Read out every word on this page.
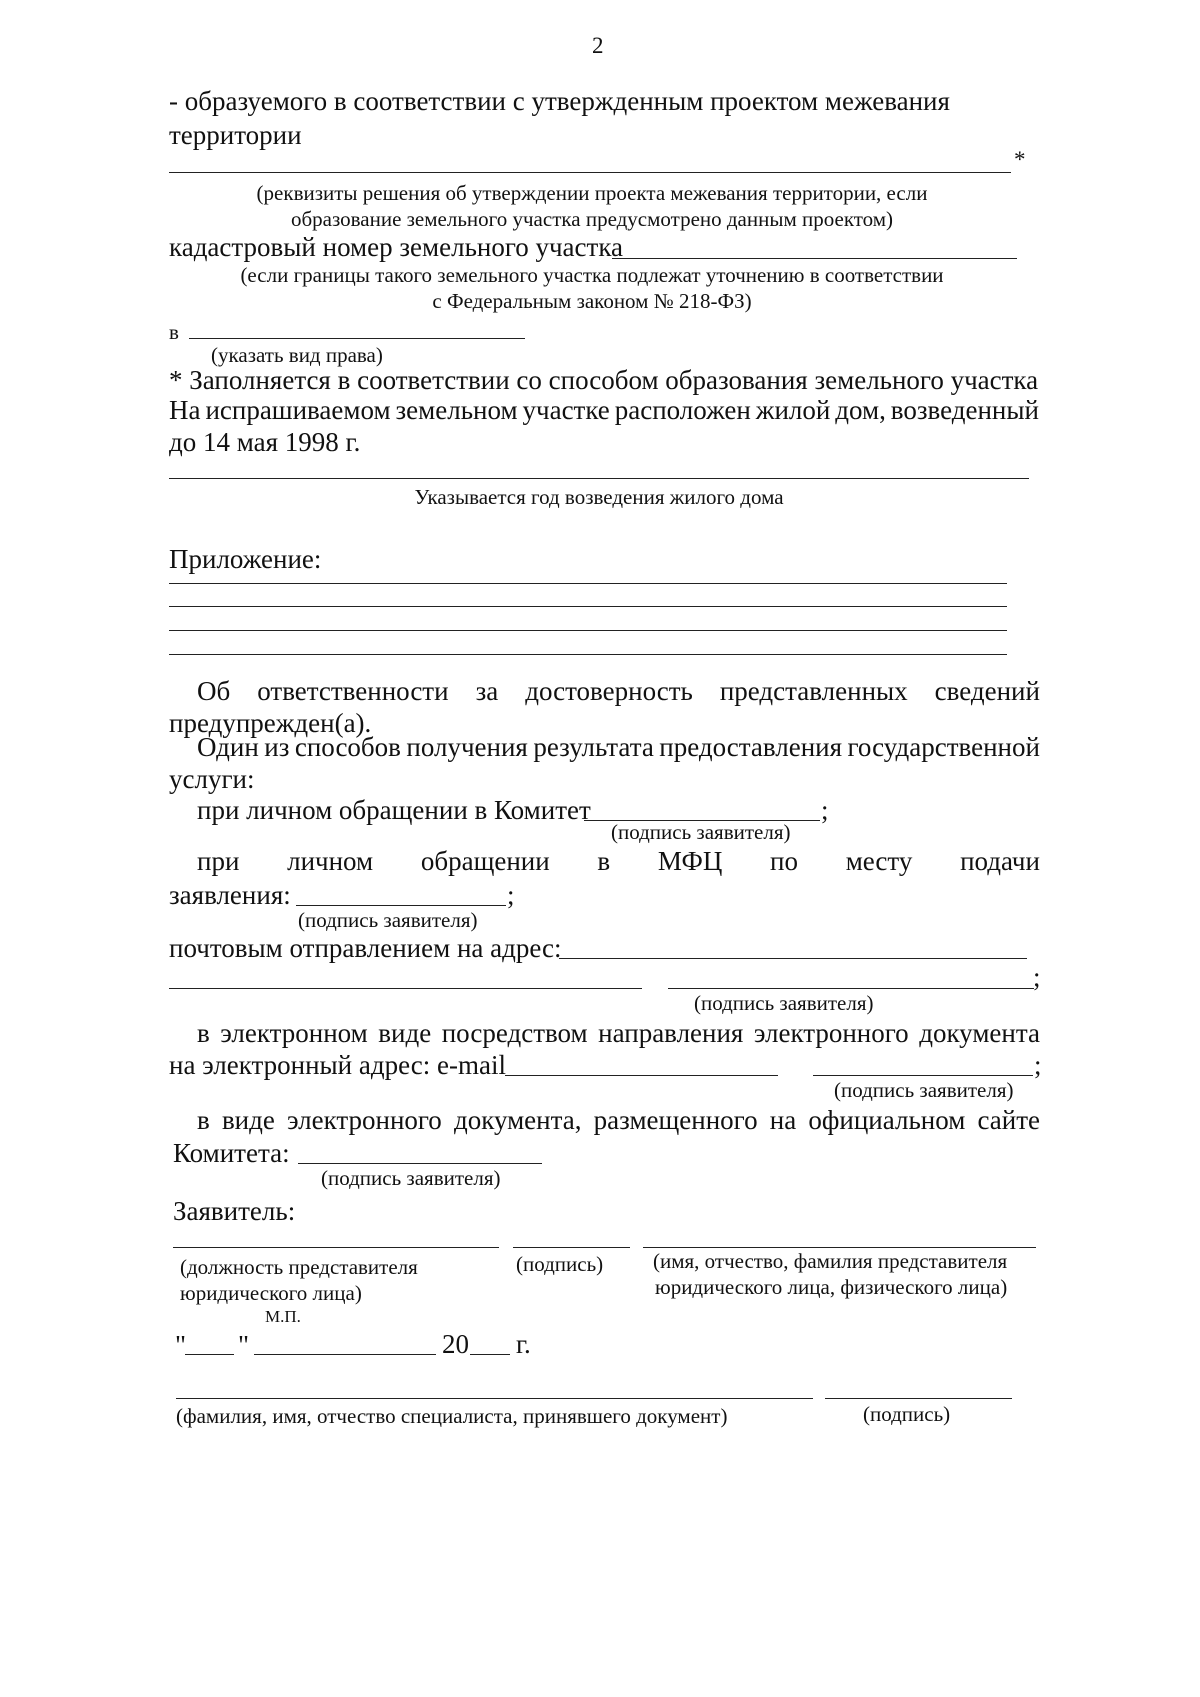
2
- образуемого в соответствии с утвержденным проектом межевания
территории
*
(реквизиты решения об утверждении проекта межевания территории, если
образование земельного участка предусмотрено данным проектом)
кадастровый номер земельного участка
(если границы такого земельного участка подлежат уточнению в соответствии
с Федеральным законом № 218-ФЗ)
в
(указать вид права)
* Заполняется в соответствии со способом образования земельного участка
На испрашиваемом земельном участке расположен жилой дом, возведенный
до 14 мая 1998 г.
Указывается год возведения жилого дома
Приложение:
Об ответственности за достоверность представленных сведений
предупрежден(а).
Один из способов получения результата предоставления государственной
услуги:
при личном обращении в Комитет	;
(подпись заявителя)
при личном обращении в МФЦ по месту подачи
заявления:	;
(подпись заявителя)
почтовым отправлением на адрес:
;
(подпись заявителя)
в электронном виде посредством направления электронного документа
на электронный адрес: e-mail	;
(подпись заявителя)
в виде электронного документа, размещенного на официальном сайте
Комитета:
(подпись заявителя)
Заявитель:
(должность представителя
юридического лица)
(подпись) (имя, отчество, фамилия представителя
юридического лица, физического лица)
М.П.
" "	20 г.
(фамилия, имя, отчество специалиста, принявшего документ)	(подпись)
